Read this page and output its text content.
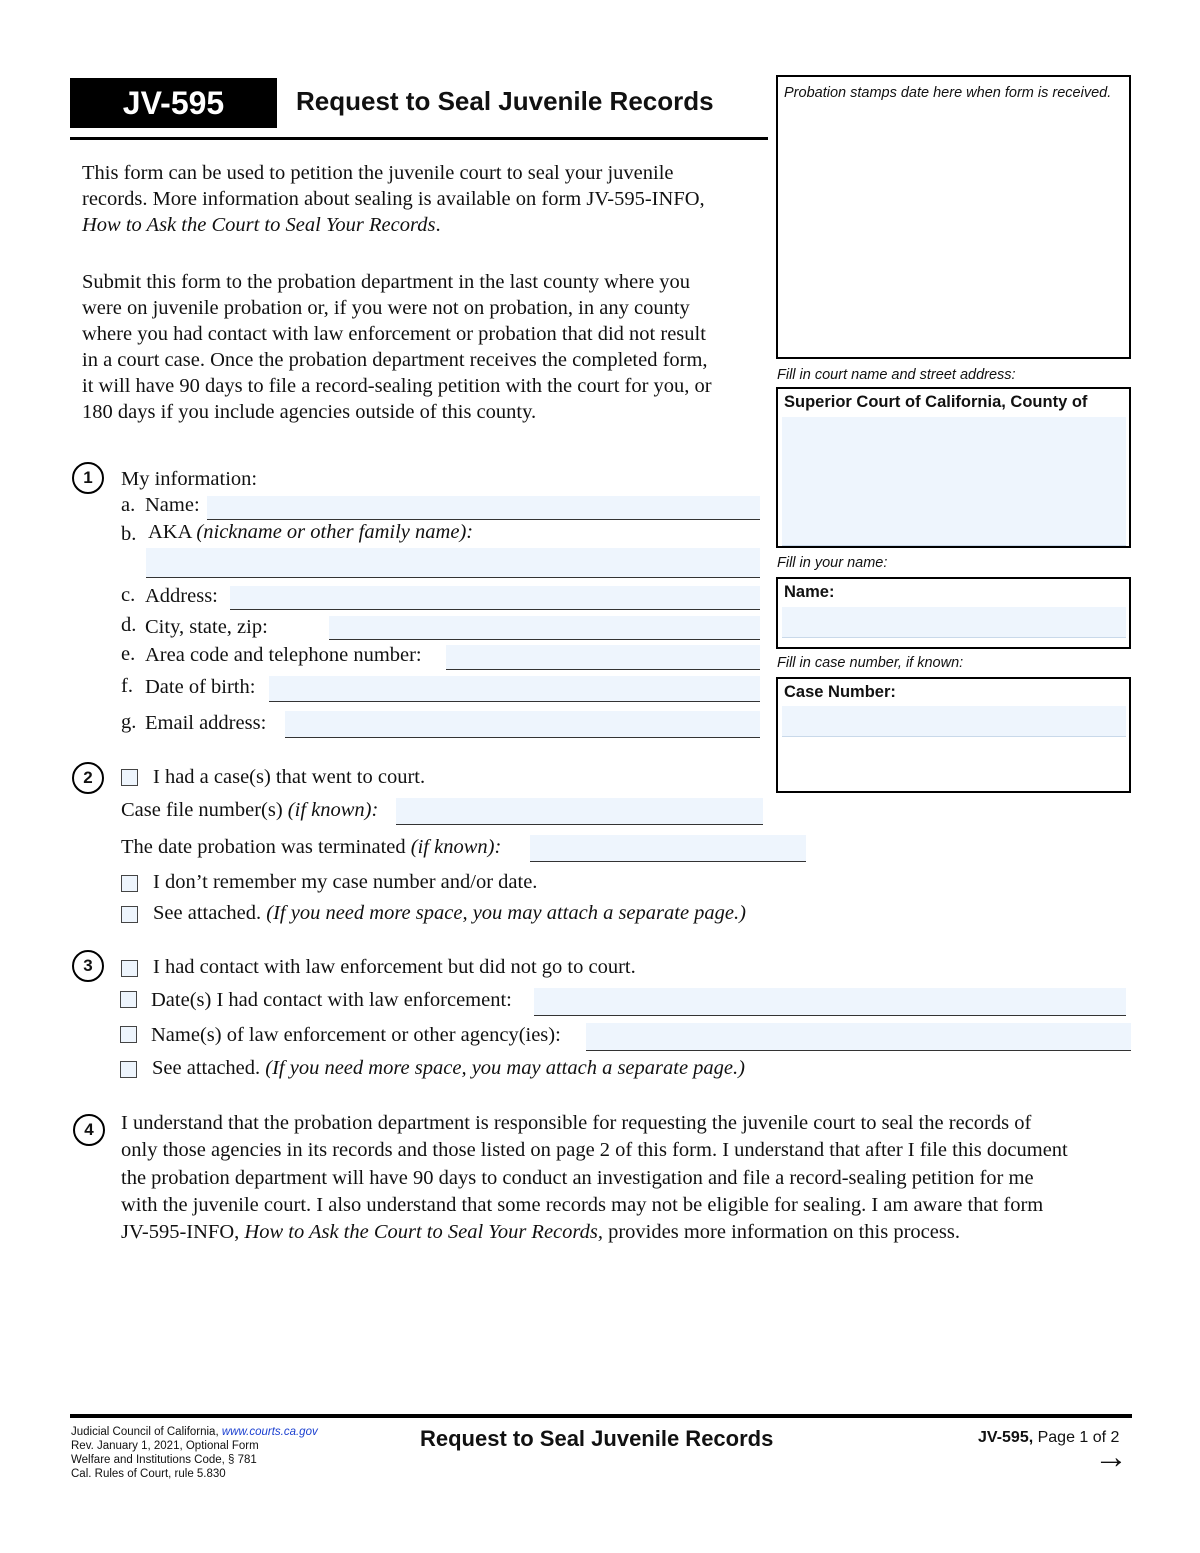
JV-595	Request to Seal Juvenile Records
This form can be used to petition the juvenile court to seal your juvenile
records. More information about sealing is available on form JV-595-INFO,
How to Ask the Court to Seal Your Records.
Submit this form to the probation department in the last county where you
were on juvenile probation or, if you were not on probation, in any county
where you had contact with law enforcement or probation that did not result
in a court case. Once the probation department receives the completed form,
it will have 90 days to file a record-sealing petition with the court for you, or
180 days if you include agencies outside of this county.
Probation stamps date here when form is received.
Fill in court name and street address:
Superior Court of California, County of
Fill in your name:
Name:
Fill in case number, if known:
Case Number:
1	My information:
a. Name:
b. AKA (nickname or other family name):
c. Address:
d. City, state, zip:
e. Area code and telephone number:
f. Date of birth:
g. Email address:
2	I had a case(s) that went to court.
Case file number(s) (if known):
The date probation was terminated (if known):
I don’t remember my case number and/or date.
See attached. (If you need more space, you may attach a separate page.)
3	I had contact with law enforcement but did not go to court.
Date(s) I had contact with law enforcement:
Name(s) of law enforcement or other agency(ies):
See attached. (If you need more space, you may attach a separate page.)
4	I understand that the probation department is responsible for requesting the juvenile court to seal the records of
only those agencies in its records and those listed on page 2 of this form. I understand that after I file this document
the probation department will have 90 days to conduct an investigation and file a record-sealing petition for me
with the juvenile court. I also understand that some records may not be eligible for sealing. I am aware that form
JV-595-INFO, How to Ask the Court to Seal Your Records, provides more information on this process.
Judicial Council of California, www.courts.ca.gov
Rev. January 1, 2021, Optional Form
Welfare and Institutions Code, § 781
Cal. Rules of Court, rule 5.830
Request to Seal Juvenile Records	JV-595, Page 1 of 2
→
